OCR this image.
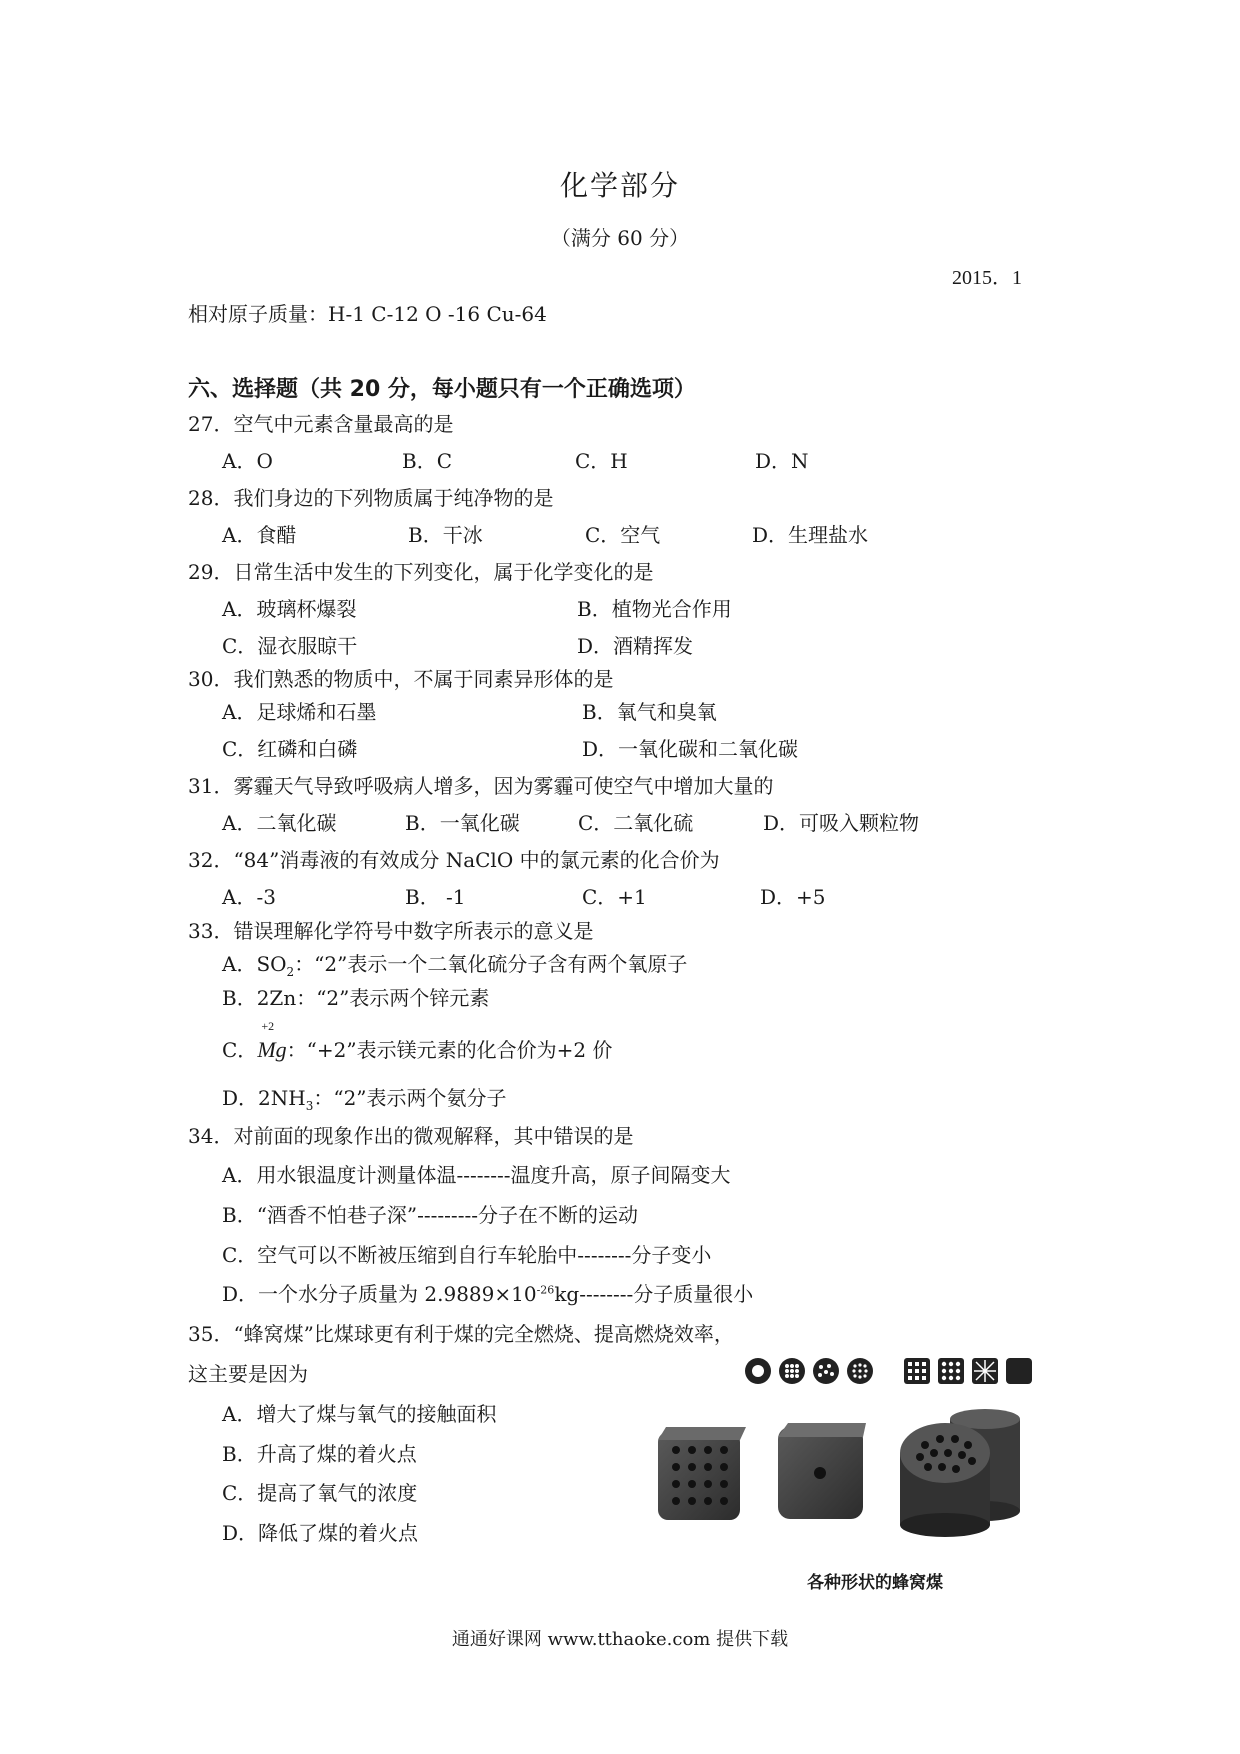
化学部分
（满分 60 分）
2015．1
相对原子质量：H-1 C-12 O -16 Cu-64
六、选择题（共 20 分，每小题只有一个正确选项）
27．空气中元素含量最高的是
A．O	B．C	C．H	D．N
28．我们身边的下列物质属于纯净物的是
A．食醋	B．干冰	C．空气	D．生理盐水
29．日常生活中发生的下列变化，属于化学变化的是
A．玻璃杯爆裂	B．植物光合作用
C．湿衣服晾干	D．酒精挥发
30．我们熟悉的物质中，不属于同素异形体的是
A．足球烯和石墨	B．氧气和臭氧
C．红磷和白磷	D．一氧化碳和二氧化碳
31．雾霾天气导致呼吸病人增多，因为雾霾可使空气中增加大量的
A．二氧化碳	B．一氧化碳	C．二氧化硫	D．可吸入颗粒物
32．“84”消毒液的有效成分 NaClO 中的氯元素的化合价为
A．-3	B． -1	C．+1	D．+5
33．错误理解化学符号中数字所表示的意义是
A．$SO_2$：“2”表示一个二氧化硫分子含有两个氧原子
B．2Zn：“2”表示两个锌元素
C．
+2
Mg：“+2”表示镁元素的化合价为+2 价
D．$2NH_3$：“2”表示两个氨分子
34．对前面的现象作出的微观解释，其中错误的是
A．用水银温度计测量体温--------温度升高，原子间隔变大
B．“酒香不怕巷子深”---------分子在不断的运动
C．空气可以不断被压缩到自行车轮胎中--------分子变小
D．一个水分子质量为 $2.9889\times 10^{-26}kg--------$分子质量很小
35．“蜂窝煤”比煤球更有利于煤的完全燃烧、提高燃烧效率，
这主要是因为
A．增大了煤与氧气的接触面积
B．升高了煤的着火点
C．提高了氧气的浓度
D．降低了煤的着火点
各种形状的蜂窝煤
通通好课网 www.tthaoke.com 提供下载
